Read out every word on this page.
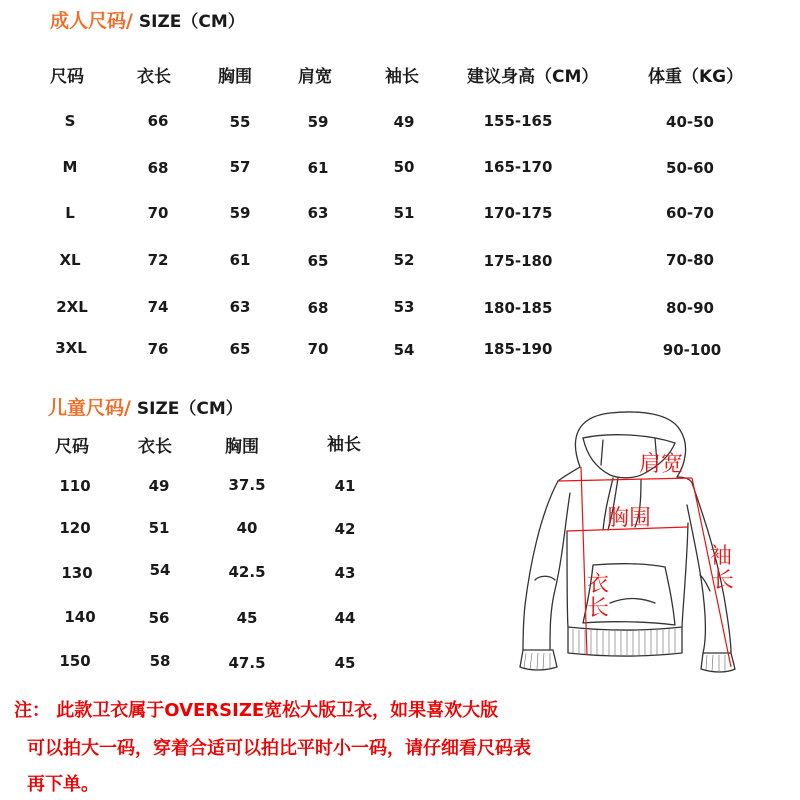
成人尺码/ SIZE（CM）
尺码	衣长	胸围	肩宽	袖长	建议身高（CM）	体重（KG）
S	66	55	59	49	155-165	40-50
M	68	57	61	50	165-170	50-60
L	70	59	63	51	170-175	60-70
XL	72	61	65	52	175-180	70-80
2XL	74	63	68	53	180-185	80-90
3XL	76	65	70	54	185-190	90-100
儿童尺码/ SIZE（CM）
尺码	衣长	胸围	袖长
110	49	37.5	41
120	51	40	42
130	54	42.5	43
140	56	45	44
150	58	47.5	45
肩宽
胸围
袖
长
衣
长
注： 此款卫衣属于OVERSIZE宽松大版卫衣，如果喜欢大版
可以拍大一码，穿着合适可以拍比平时小一码，请仔细看尺码表
再下单。
